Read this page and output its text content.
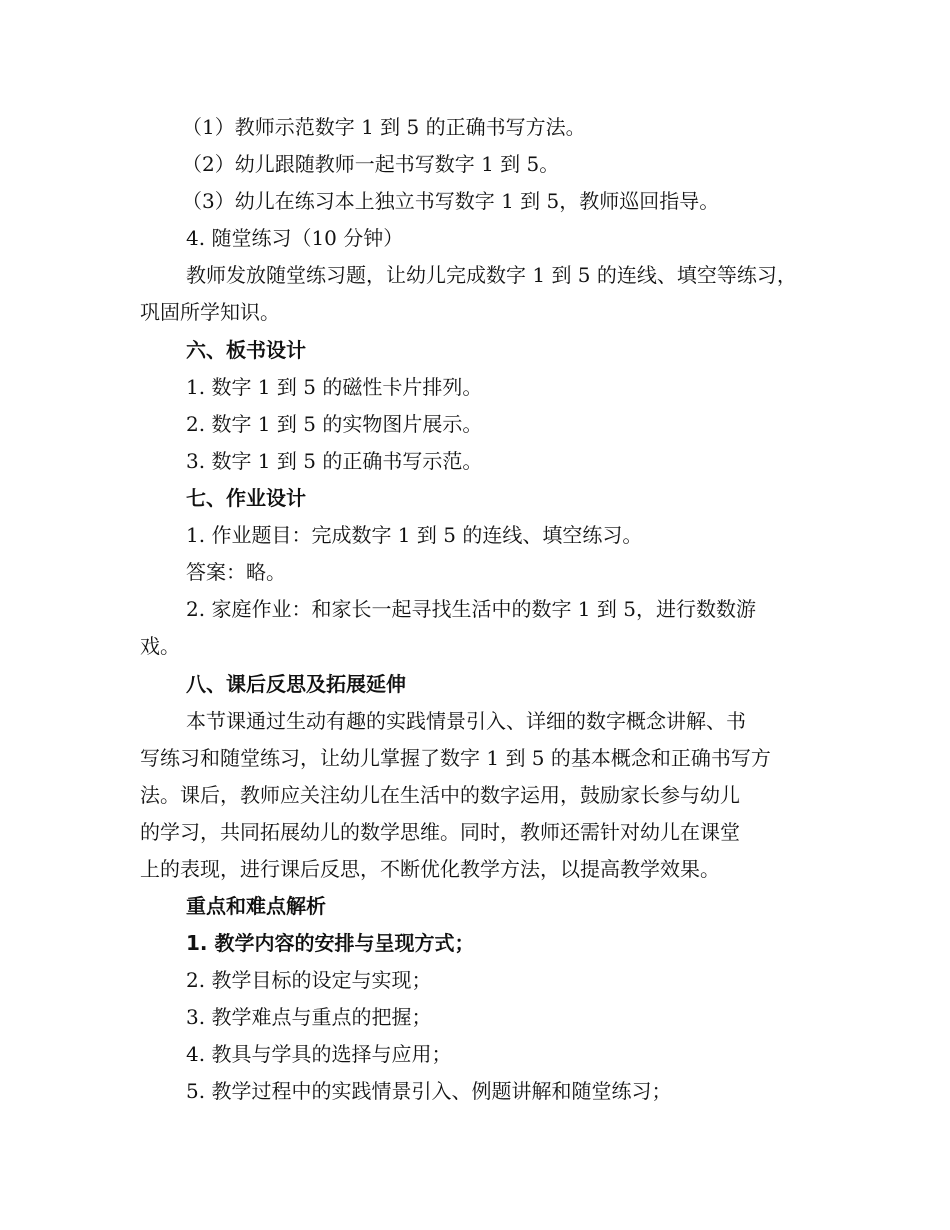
（1）教师示范数字 1 到 5 的正确书写方法。
（2）幼儿跟随教师一起书写数字 1 到 5。
（3）幼儿在练习本上独立书写数字 1 到 5，教师巡回指导。
4. 随堂练习（10 分钟）
教师发放随堂练习题，让幼儿完成数字 1 到 5 的连线、填空等练习，
巩固所学知识。
六、板书设计
1. 数字 1 到 5 的磁性卡片排列。
2. 数字 1 到 5 的实物图片展示。
3. 数字 1 到 5 的正确书写示范。
七、作业设计
1. 作业题目：完成数字 1 到 5 的连线、填空练习。
答案：略。
2. 家庭作业：和家长一起寻找生活中的数字 1 到 5，进行数数游
戏。
八、课后反思及拓展延伸
本节课通过生动有趣的实践情景引入、详细的数字概念讲解、书
写练习和随堂练习，让幼儿掌握了数字 1 到 5 的基本概念和正确书写方
法。课后，教师应关注幼儿在生活中的数字运用，鼓励家长参与幼儿
的学习，共同拓展幼儿的数学思维。同时，教师还需针对幼儿在课堂
上的表现，进行课后反思，不断优化教学方法，以提高教学效果。
重点和难点解析
1. 教学内容的安排与呈现方式；
2. 教学目标的设定与实现；
3. 教学难点与重点的把握；
4. 教具与学具的选择与应用；
5. 教学过程中的实践情景引入、例题讲解和随堂练习；
